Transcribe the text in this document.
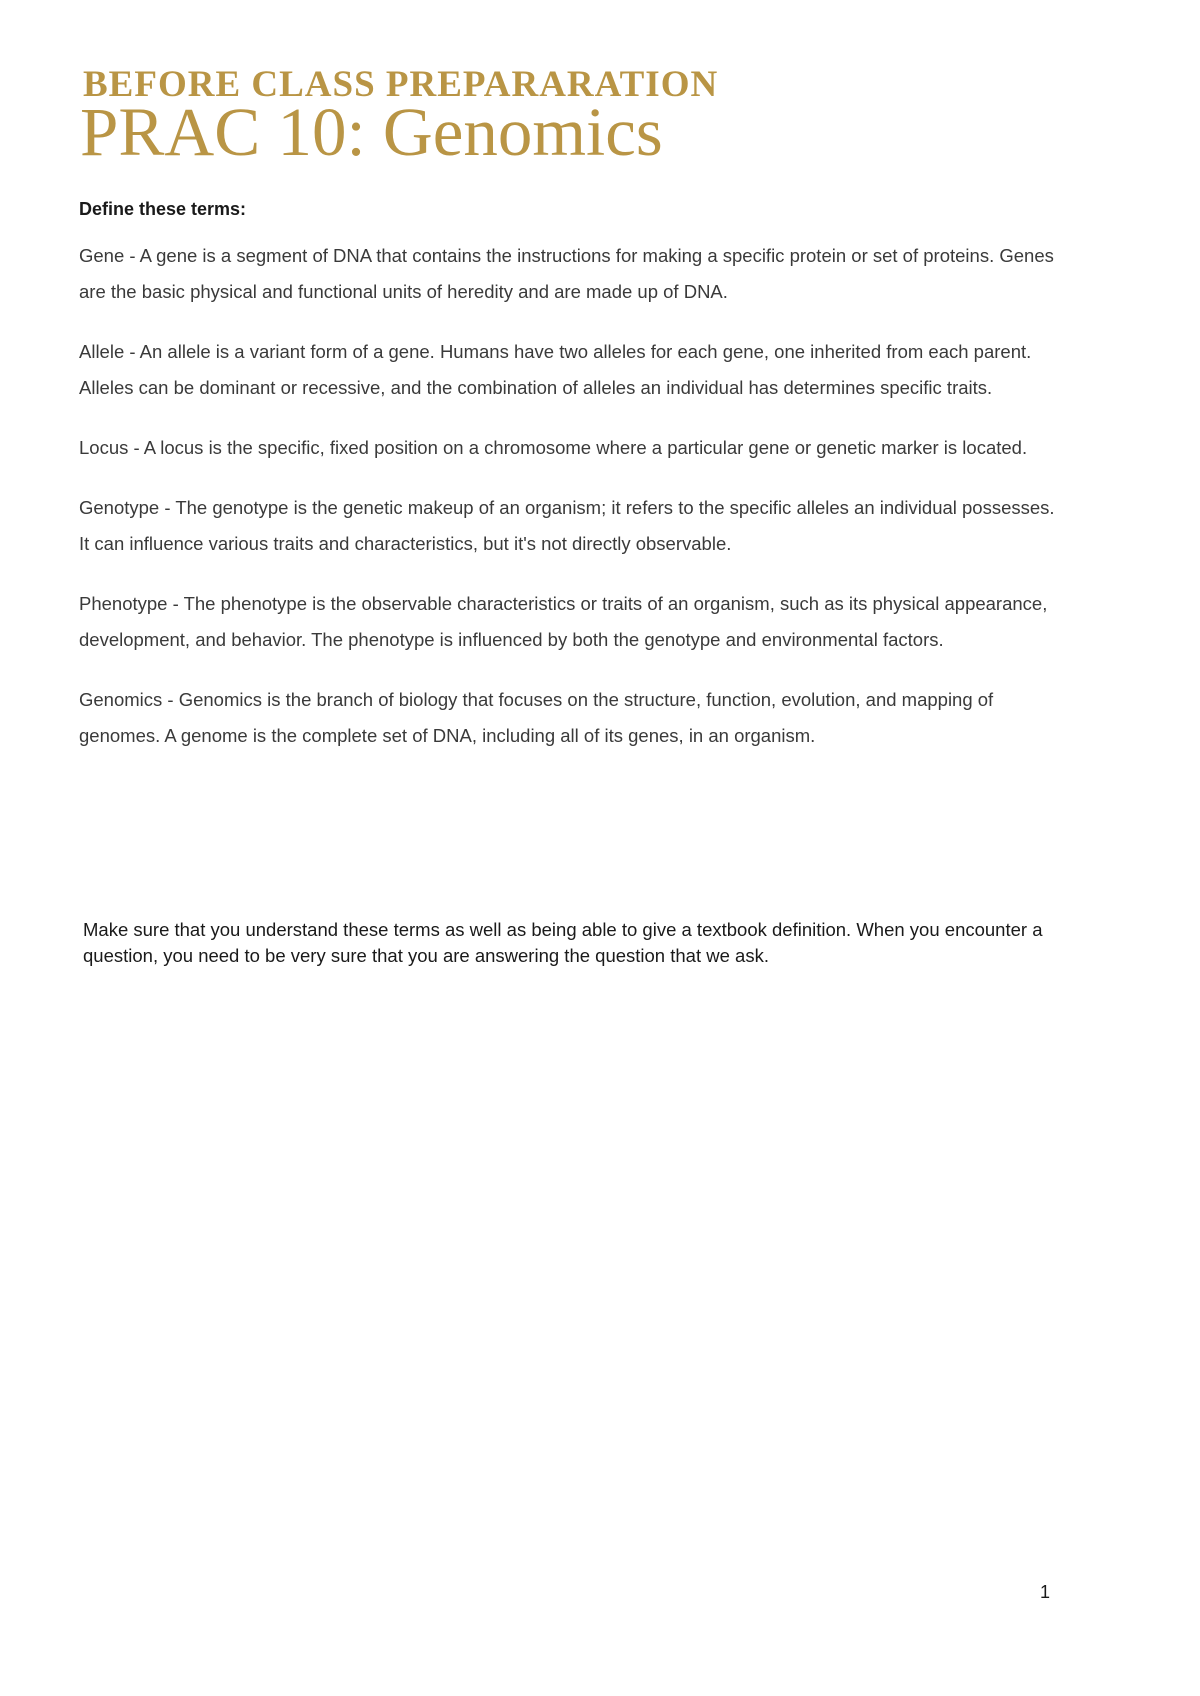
BEFORE CLASS PREPARARATION
PRAC 10: Genomics
Define these terms:

Gene - A gene is a segment of DNA that contains the instructions for making a specific protein or set of proteins. Genes are the basic physical and functional units of heredity and are made up of DNA.

Allele - An allele is a variant form of a gene. Humans have two alleles for each gene, one inherited from each parent. Alleles can be dominant or recessive, and the combination of alleles an individual has determines specific traits.

Locus - A locus is the specific, fixed position on a chromosome where a particular gene or genetic marker is located.

Genotype - The genotype is the genetic makeup of an organism; it refers to the specific alleles an individual possesses. It can influence various traits and characteristics, but it's not directly observable.

Phenotype - The phenotype is the observable characteristics or traits of an organism, such as its physical appearance, development, and behavior. The phenotype is influenced by both the genotype and environmental factors.

Genomics - Genomics is the branch of biology that focuses on the structure, function, evolution, and mapping of genomes. A genome is the complete set of DNA, including all of its genes, in an organism.

Make sure that you understand these terms as well as being able to give a textbook definition. When you encounter a question, you need to be very sure that you are answering the question that we ask.
1
